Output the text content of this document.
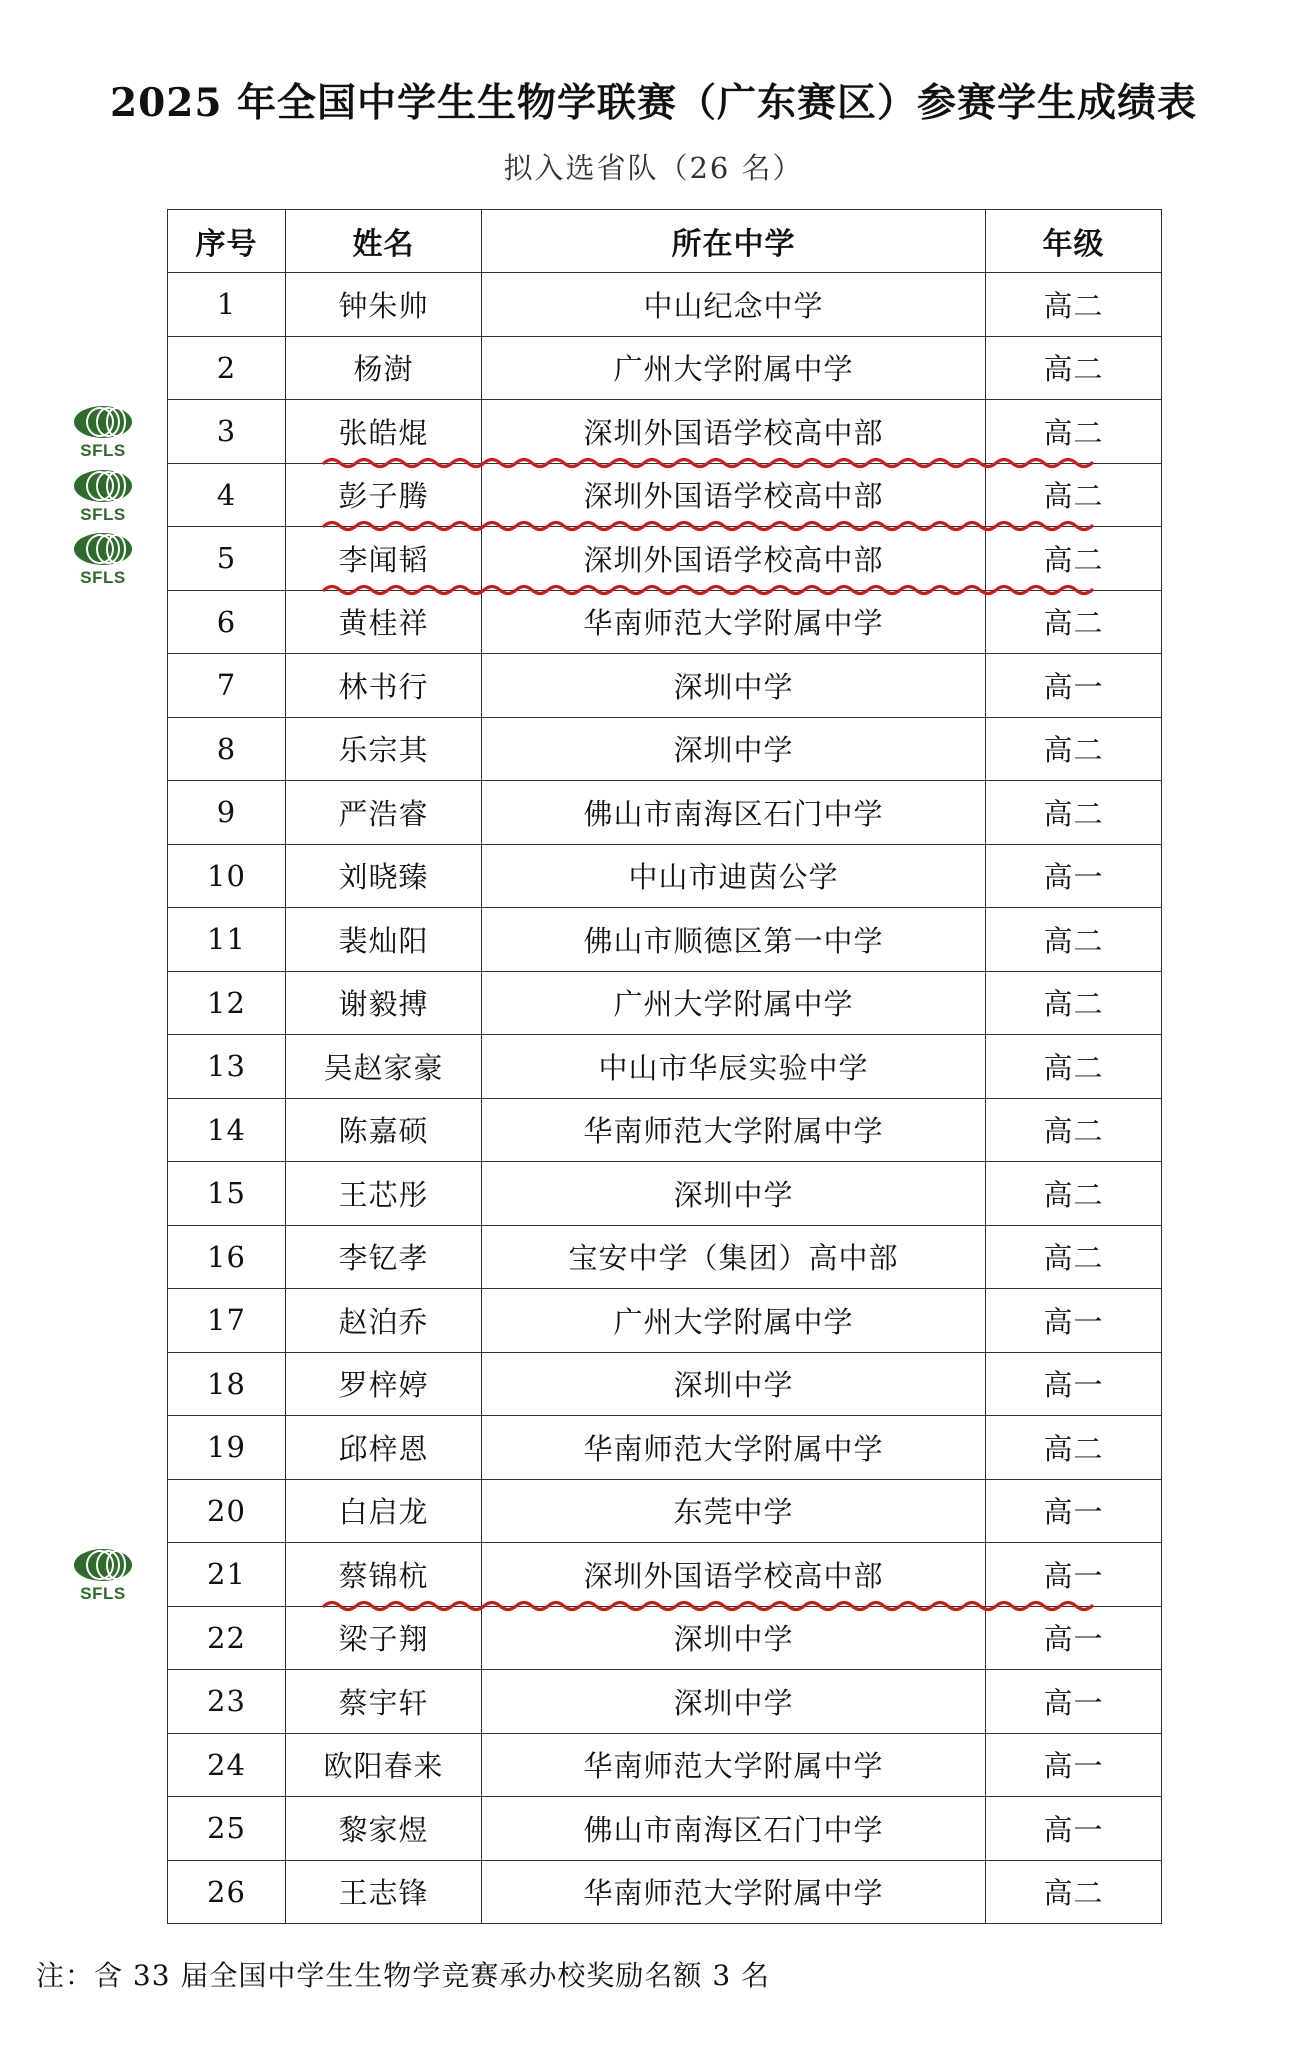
2025 年全国中学生生物学联赛（广东赛区）参赛学生成绩表
拟入选省队（26 名）
序号	姓名	所在中学	年级
1	钟朱帅	中山纪念中学	高二
2	杨澍	广州大学附属中学	高二
3	张皓焜	深圳外国语学校高中部	高二
4	彭子腾	深圳外国语学校高中部	高二
5	李闻韬	深圳外国语学校高中部	高二
6	黄桂祥	华南师范大学附属中学	高二
7	林书行	深圳中学	高一
8	乐宗其	深圳中学	高二
9	严浩睿	佛山市南海区石门中学	高二
10	刘晓臻	中山市迪茵公学	高一
11	裴灿阳	佛山市顺德区第一中学	高二
12	谢毅搏	广州大学附属中学	高二
13	吴赵家豪	中山市华辰实验中学	高二
14	陈嘉硕	华南师范大学附属中学	高二
15	王芯彤	深圳中学	高二
16	李钇孝	宝安中学（集团）高中部	高二
17	赵泊乔	广州大学附属中学	高一
18	罗梓婷	深圳中学	高一
19	邱梓恩	华南师范大学附属中学	高二
20	白启龙	东莞中学	高一
21	蔡锦杭	深圳外国语学校高中部	高一
22	梁子翔	深圳中学	高一
23	蔡宇轩	深圳中学	高一
24	欧阳春来	华南师范大学附属中学	高一
25	黎家煜	佛山市南海区石门中学	高一
26	王志锋	华南师范大学附属中学	高二
注：含 33 届全国中学生生物学竞赛承办校奖励名额 3 名
SFLS
SFLS
SFLS
SFLS
